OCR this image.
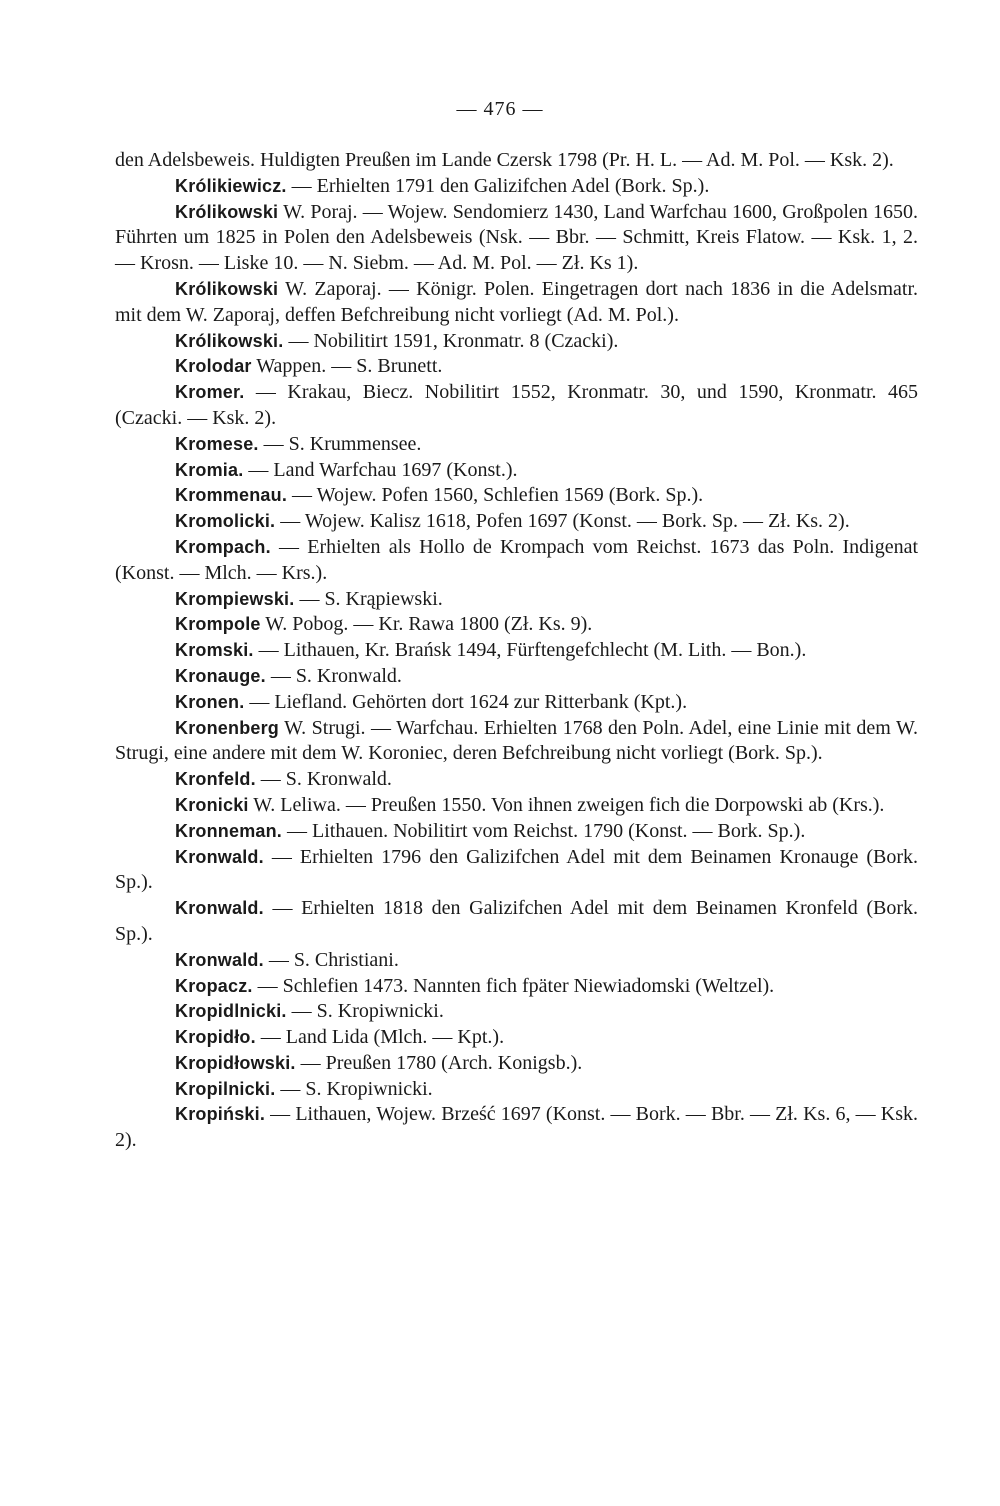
— 476 —

den Adelsbeweis. Huldigten Preußen im Lande Czersk 1798 (Pr. H. L. — Ad. M. Pol. — Ksk. 2).

Królikiewicz. — Erhielten 1791 den Galizifchen Adel (Bork. Sp.).

Królikowski W. Poraj. — Wojew. Sendomierz 1430, Land Warfchau 1600, Großpolen 1650. Führten um 1825 in Polen den Adelsbeweis (Nsk. — Bbr. — Schmitt, Kreis Flatow. — Ksk. 1, 2. — Krosn. — Liske 10. — N. Siebm. — Ad. M. Pol. — Zł. Ks 1).

Królikowski W. Zaporaj. — Königr. Polen. Eingetragen dort nach 1836 in die Adelsmatr. mit dem W. Zaporaj, deffen Befchreibung nicht vorliegt (Ad. M. Pol.).

Królikowski. — Nobilitirt 1591, Kronmatr. 8 (Czacki).

Krolodar Wappen. — S. Brunett.

Kromer. — Krakau, Biecz. Nobilitirt 1552, Kronmatr. 30, und 1590, Kronmatr. 465 (Czacki. — Ksk. 2).

Kromese. — S. Krummensee.

Kromia. — Land Warfchau 1697 (Konst.).

Krommenau. — Wojew. Pofen 1560, Schlefien 1569 (Bork. Sp.).

Kromolicki. — Wojew. Kalisz 1618, Pofen 1697 (Konst. — Bork. Sp. — Zł. Ks. 2).

Krompach. — Erhielten als Hollo de Krompach vom Reichst. 1673 das Poln. Indigenat (Konst. — Mlch. — Krs.).

Krompiewski. — S. Krąpiewski.

Krompole W. Pobog. — Kr. Rawa 1800 (Zł. Ks. 9).

Kromski. — Lithauen, Kr. Brańsk 1494, Fürftengefchlecht (M. Lith. — Bon.).

Kronauge. — S. Kronwald.

Kronen. — Liefland. Gehörten dort 1624 zur Ritterbank (Kpt.).

Kronenberg W. Strugi. — Warfchau. Erhielten 1768 den Poln. Adel, eine Linie mit dem W. Strugi, eine andere mit dem W. Koroniec, deren Befchreibung nicht vorliegt (Bork. Sp.).

Kronfeld. — S. Kronwald.

Kronicki W. Leliwa. — Preußen 1550. Von ihnen zweigen fich die Dorpowski ab (Krs.).

Kronneman. — Lithauen. Nobilitirt vom Reichst. 1790 (Konst. — Bork. Sp.).

Kronwald. — Erhielten 1796 den Galizifchen Adel mit dem Beinamen Kronauge (Bork. Sp.).

Kronwald. — Erhielten 1818 den Galizifchen Adel mit dem Beinamen Kronfeld (Bork. Sp.).

Kronwald. — S. Christiani.

Kropacz. — Schlefien 1473. Nannten fich fpäter Niewiadomski (Weltzel).

Kropidlnicki. — S. Kropiwnicki.

Kropidło. — Land Lida (Mlch. — Kpt.).

Kropidłowski. — Preußen 1780 (Arch. Konigsb.).

Kropilnicki. — S. Kropiwnicki.

Kropiński. — Lithauen, Wojew. Brześć 1697 (Konst. — Bork. — Bbr. — Zł. Ks. 6, — Ksk. 2).
